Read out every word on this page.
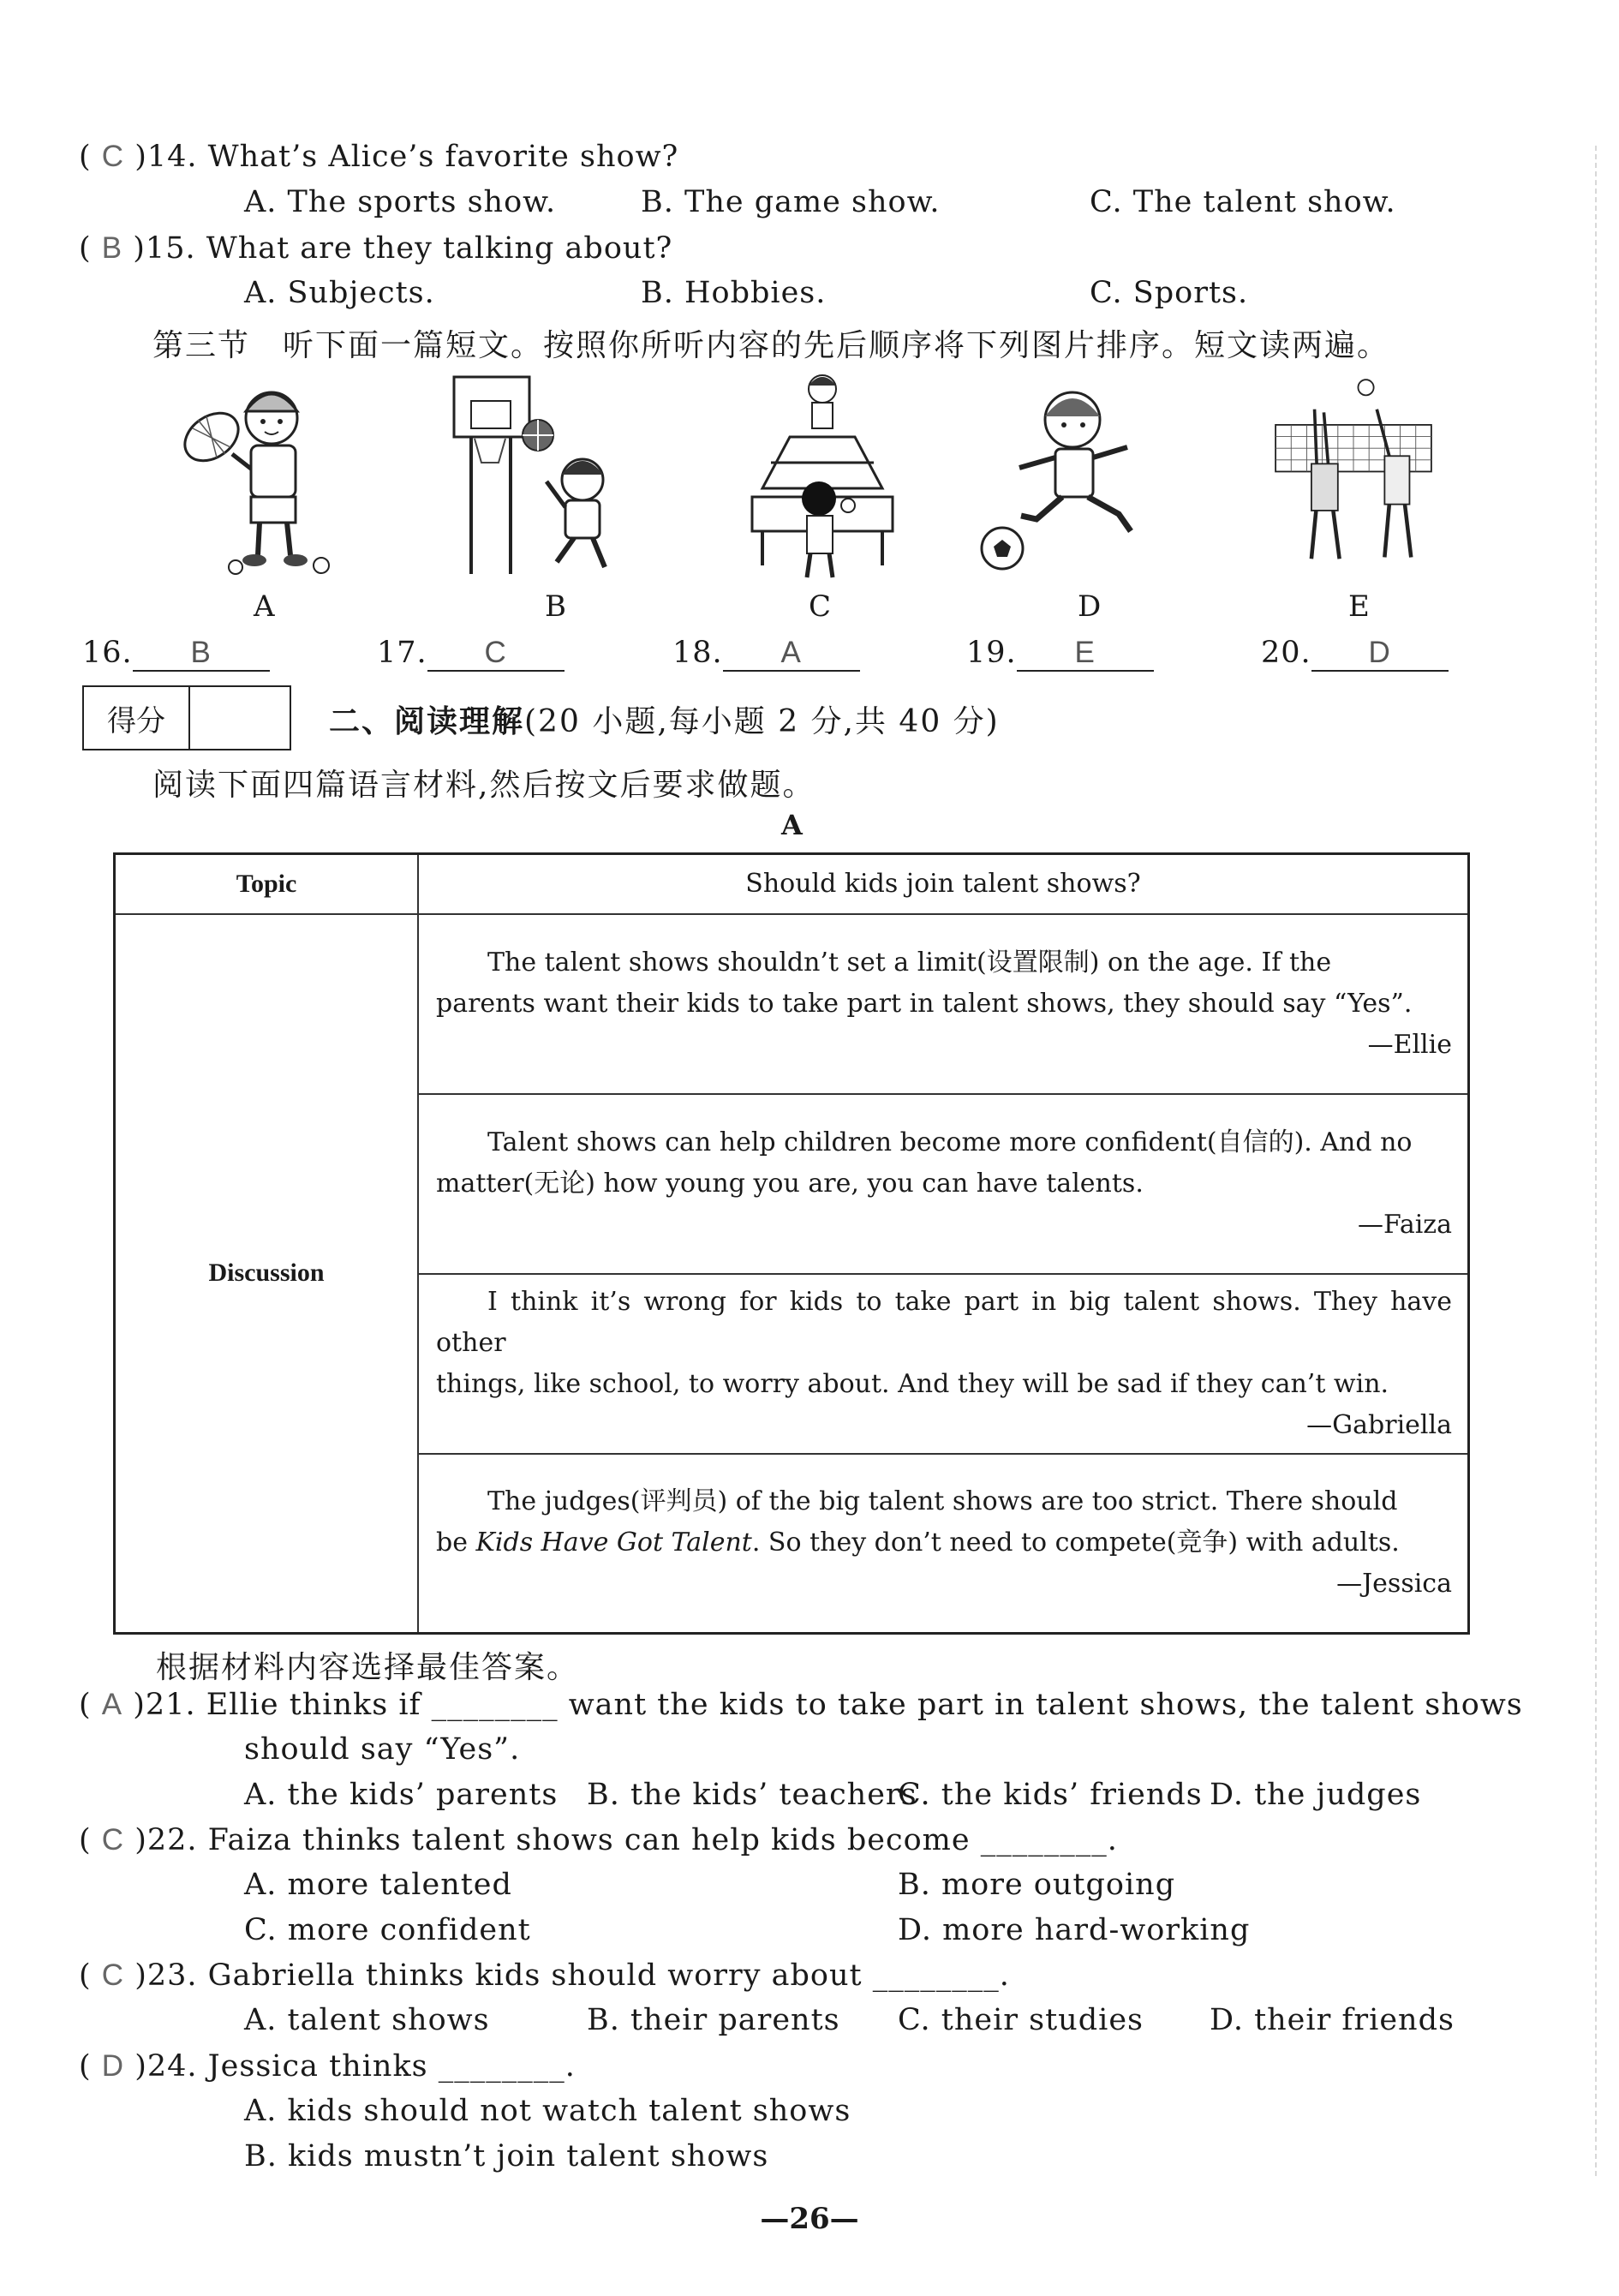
( C )14. What’s Alice’s favorite show?
A. The sports show.	B. The game show.	C. The talent show.
( B )15. What are they talking about?
A. Subjects.	B. Hobbies.	C. Sports.
第三节　听下面一篇短文。按照你所听内容的先后顺序将下列图片排序。短文读两遍。
A	B	C	D	E
16. B	17. C	18. A	19. E	20. D
得分	二、阅读理解(20 小题,每小题 2 分,共 40 分)
阅读下面四篇语言材料,然后按文后要求做题。
A
Topic	Should kids join talent shows?
Discussion	The talent shows shouldn’t set a limit(设置限制) on the age. If the
parents want their kids to take part in talent shows, they should say “Yes”.
—Ellie

	Talent shows can help children become more confident(自信的). And no
matter(无论) how young you are, you can have talents.
—Faiza

	I think it’s wrong for kids to take part in big talent shows. They have other
things, like school, to worry about. And they will be sad if they can’t win.
—Gabriella

	The judges(评判员) of the big talent shows are too strict. There should
be Kids Have Got Talent. So they don’t need to compete(竞争) with adults.
—Jessica
根据材料内容选择最佳答案。
( A )21. Ellie thinks if ________ want the kids to take part in talent shows, the talent shows
should say “Yes”.
A. the kids’ parents B. the kids’ teachers
C. the kids’ friends D. the judges
( C )22. Faiza thinks talent shows can help kids become ________.
A. more talented	B. more outgoing
C. more confident	D. more hard-working
( C )23. Gabriella thinks kids should worry about ________.
A. talent shows	B. their parents C. their studies D. their friends
( D )24. Jessica thinks ________.
A. kids should not watch talent shows
B. kids mustn’t join talent shows
—26—
